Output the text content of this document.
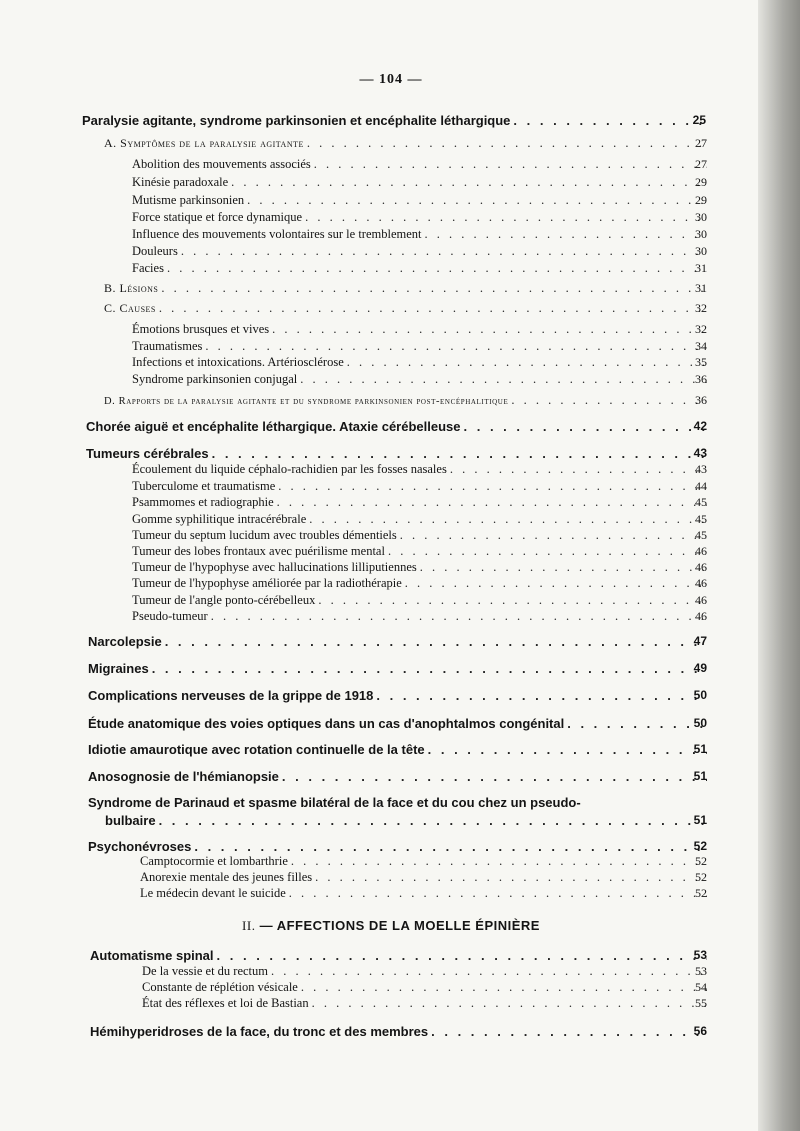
— 104 —
Paralysie agitante, syndrome parkinsonien et encéphalite léthargique . . .	25
A. Symptômes de la paralysie agitante . . .	27
Abolition des mouvements associés . . .	27
Kinésie paradoxale . . .	29
Mutisme parkinsonien . . .	29
Force statique et force dynamique . . .	30
Influence des mouvements volontaires sur le tremblement . . .	30
Douleurs . . .	30
Facies . . .	31
B. Lésions . . .	31
C. Causes . . .	32
Émotions brusques et vives . . .	32
Traumatismes . . .	34
Infections et intoxications. Artériosclérose . . .	35
Syndrome parkinsonien conjugal . . .	36
D. Rapports de la paralysie agitante et du syndrome parkinsonien post-encéphalitique . . .	36
Chorée aiguë et encéphalite léthargique. Ataxie cérébelleuse . . .	42
Tumeurs cérébrales . . .	43
Écoulement du liquide céphalo-rachidien par les fosses nasales . . .	43
Tuberculome et traumatisme . . .	44
Psammomes et radiographie . . .	45
Gomme syphilitique intracérébrale . . .	45
Tumeur du septum lucidum avec troubles démentiels . . .	45
Tumeur des lobes frontaux avec puérilisme mental . . .	46
Tumeur de l'hypophyse avec hallucinations lilliputiennes . . .	46
Tumeur de l'hypophyse améliorée par la radiothérapie . . .	46
Tumeur de l'angle ponto-cérébelleux . . .	46
Pseudo-tumeur . . .	46
Narcolepsie . . .	47
Migraines . . .	49
Complications nerveuses de la grippe de 1918 . . .	50
Étude anatomique des voies optiques dans un cas d'anophtalmos congénital . . .	50
Idiotie amaurotique avec rotation continuelle de la tête . . .	51
Anosognosie de l'hémianopsie . . .	51
Syndrome de Parinaud et spasme bilatéral de la face et du cou chez un pseudo-
bulbaire . . .	51
Psychonévroses . . .	52
Camptocormie et lombarthrie . . .	52
Anorexie mentale des jeunes filles . . .	52
Le médecin devant le suicide . . .	52
II. — AFFECTIONS DE LA MOELLE ÉPINIÈRE
Automatisme spinal . . .	53
De la vessie et du rectum . . .	53
Constante de réplétion vésicale . . .	54
État des réflexes et loi de Bastian . . .	55
Hémihyperidroses de la face, du tronc et des membres . . .	56
